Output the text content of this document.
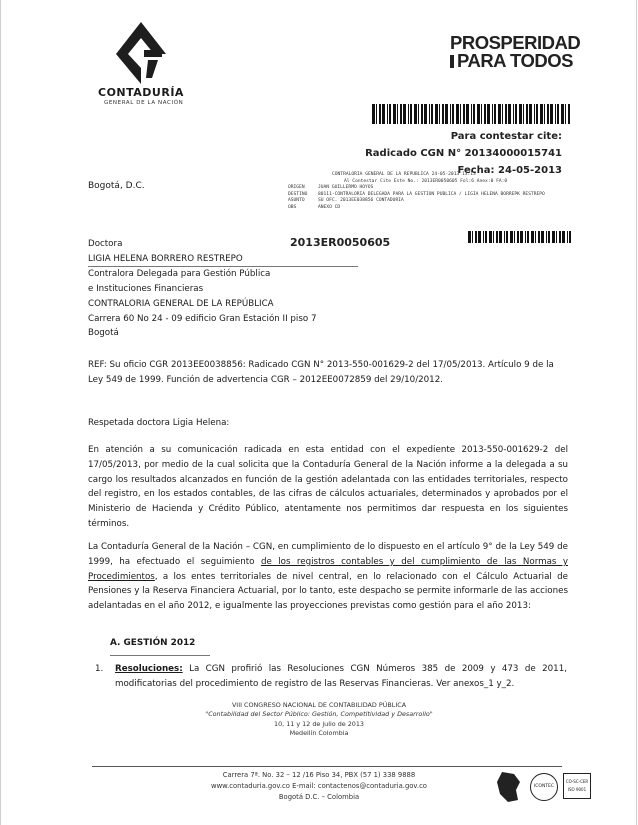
CONTADURÍA
GENERAL DE LA NACIÓN
PROSPERIDAD
PARA TODOS
Para contestar cite:
Radicado CGN N° 20134000015741
Fecha: 24-05-2013
Bogotá, D.C.
CONTRALORIA GENERAL DE LA REPUBLICA 24-05-2013 13:13
Al Contestar Cite Este No.: 2013ER0050605 Fol:6 Anex:0 FA:0
ORIGEN	JUAN GUILLERMO HOYOS
DESTINO 80111-CONTRALORIA DELEGADA PARA LA GESTION PUBLICA / LIGIA HELENA BORREPK RESTREPO
ASUNTO	SU OFC. 2013EE038856 CONTADURIA
OBS	ANEXO CD
2013ER0050605
Doctora
LIGIA HELENA BORRERO RESTREPO
Contralora Delegada para Gestión Pública
e Instituciones Financieras
CONTRALORIA GENERAL DE LA REPÚBLICA
Carrera 60 No 24 - 09 edificio Gran Estación II piso 7
Bogotá
REF: Su oficio CGR 2013EE0038856: Radicado CGN N° 2013-550-001629-2 del 17/05/2013. Artículo 9 de la Ley 549 de 1999. Función de advertencia CGR – 2012EE0072859 del 29/10/2012.
Respetada doctora Ligia Helena:
En atención a su comunicación radicada en esta entidad con el expediente 2013-550-001629-2 del 17/05/2013, por medio de la cual solicita que la Contaduría General de la Nación informe a la delegada a su cargo los resultados alcanzados en función de la gestión adelantada con las entidades territoriales, respecto del registro, en los estados contables, de las cifras de cálculos actuariales, determinados y aprobados por el Ministerio de Hacienda y Crédito Público, atentamente nos permitimos dar respuesta en los siguientes términos.
La Contaduría General de la Nación – CGN, en cumplimiento de lo dispuesto en el artículo 9° de la Ley 549 de 1999, ha efectuado el seguimiento de los registros contables y del cumplimiento de las Normas y Procedimientos, a los entes territoriales de nivel central, en lo relacionado con el Cálculo Actuarial de Pensiones y la Reserva Financiera Actuarial, por lo tanto, este despacho se permite informarle de las acciones adelantadas en el año 2012, e igualmente las proyecciones previstas como gestión para el año 2013:
A. GESTIÓN 2012
1. Resoluciones: La CGN profirió las Resoluciones CGN Números 385 de 2009 y 473 de 2011, modificatorias del procedimiento de registro de las Reservas Financieras. Ver anexos_1 y_2.
VIII CONGRESO NACIONAL DE CONTABILIDAD PÚBLICA
"Contabilidad del Sector Público: Gestión, Competitividad y Desarrollo"
10, 11 y 12 de julio de 2013
Medellín Colombia
Carrera 7ª. No. 32 – 12 /16 Piso 34, PBX (57 1) 338 9888
www.contaduria.gov.co E-mail: contactenos@contaduria.gov.co
Bogotá D.C. – Colombia
ICONTEC
CO-SC-CER
ISO 9001
